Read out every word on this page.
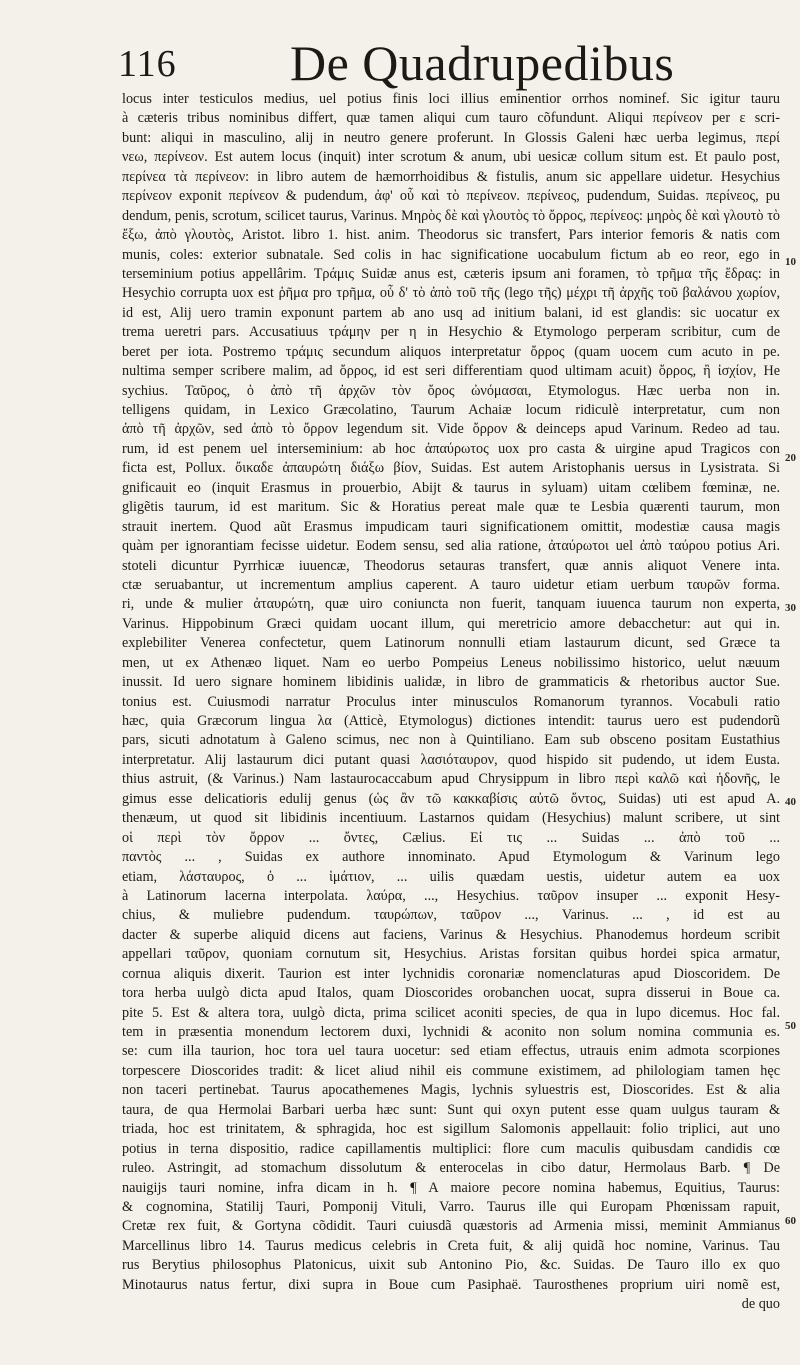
116 De Quadrupedibus
locus inter testiculos medius, uel potius finis loci illius eminentior orrhos nominef. Sic igitur tauru
à cæteris tribus nominibus differt, quæ tamen aliqui cum tauro cõfundunt. Aliqui περίνεον per ε scri-
bunt: aliqui in masculino, alij in neutro genere proferunt. In Glossis Galeni hæc uerba legimus, περί
νεω, περίνεον. Est autem locus (inquit) inter scrotum & anum, ubi uesicæ collum situm est. Et paulo post,
περίνεα τὰ περίνεον: in libro autem de hæmorrhoidibus & fistulis, anum sic appellare uidetur. Hesychius
περίνεον exponit περίνεον & pudendum, ἀφ' οὗ καὶ τὸ περίνεον. περίνεος, pudendum, Suidas. περίνεος, pu
dendum, penis, scrotum, scilicet taurus, Varinus. Μηρὸς δὲ καὶ γλουτὸς τὸ ὄρρος, περίνεος: μηρὸς δὲ καὶ γλουτὸ τὸ
ἔξω, ἀπὸ γλουτὸς, Aristot. libro 1. hist. anim. Theodorus sic transfert, Pars interior femoris & natis com
munis, coles: exterior subnatale. Sed colis in hac significatione uocabulum fictum ab eo reor, ego in
terseminium potius appellârim. Τράμις Suidæ anus est, cæteris ipsum ani foramen, τὸ τρῆμα τῆς ἕδρας: in
Hesychio corrupta uox est ῥῆμα pro τρῆμα, οὗ δ' τὸ ἀπὸ τοῦ τῆς (lego τῆς) μέχρι τῆ ἀρχῆς τοῦ βαλάνου χωρίον,
id est, Alij uero tramin exponunt partem ab ano usq ad initium balani, id est glandis: sic uocatur ex
trema ueretri pars. Accusatiuus τράμην per η in Hesychio & Etymologo perperam scribitur, cum de
beret per iota. Postremo τράμις secundum aliquos interpretatur ὄρρος (quam uocem cum acuto in pe.
nultima semper scribere malim, ad ὄρρος, id est seri differentiam quod ultimam acuit) ὄρρος, ἢ ἰσχίον, He
sychius. Ταῦρος, ὁ ἀπὸ τῆ ἀρχῶν τὸν ὄρος ὠνόμασαι, Etymologus. Hæc uerba non in.
telligens quidam, in Lexico Græcolatino, Taurum Achaiæ locum ridiculè interpretatur, cum non
ἀπὸ τῆ ἀρχῶν, sed ἀπὸ τὸ ὄρρον legendum sit. Vide ὄρρον & deinceps apud Varinum. Redeo ad tau.
rum, id est penem uel interseminium: ab hoc ἀπαύρωτος uox pro casta & uirgine apud Tragicos con
ficta est, Pollux. ὄικαδε ἀπαυρώτη διάξω βίον, Suidas. Est autem Aristophanis uersus in Lysistrata. Si
gnificauit eo (inquit Erasmus in prouerbio, Abijt & taurus in syluam) uitam cœlibem fœminæ, ne.
gligẽtis taurum, id est maritum. Sic & Horatius pereat male quæ te Lesbia quærenti taurum, mon
strauit inertem. Quod aũt Erasmus impudicam tauri significationem omittit, modestiæ causa magis
quàm per ignorantiam fecisse uidetur. Eodem sensu, sed alia ratione, ἀταύρωτοι uel ἀπὸ ταύρου potius Ari.
stoteli dicuntur Pyrrhicæ iuuencæ, Theodorus setauras transfert, quæ annis aliquot Venere inta.
ctæ seruabantur, ut incrementum amplius caperent. A tauro uidetur etiam uerbum ταυρῶν forma.
ri, unde & mulier ἀταυρώτη, quæ uiro coniuncta non fuerit, tanquam iuuenca taurum non experta,
Varinus. Hippobinum Græci quidam uocant illum, qui meretricio amore debacchetur: aut qui in.
explebiliter Venerea confectetur, quem Latinorum nonnulli etiam lastaurum dicunt, sed Græce ta
men, ut ex Athenæo liquet. Nam eo uerbo Pompeius Leneus nobilissimo historico, uelut næuum
inussit. Id uero signare hominem libidinis ualidæ, in libro de grammaticis & rhetoribus auctor Sue.
tonius est. Cuiusmodi narratur Proculus inter minusculos Romanorum tyrannos. Vocabuli ratio
hæc, quia Græcorum lingua λα (Atticè, Etymologus) dictiones intendit: taurus uero est pudendorũ
pars, sicuti adnotatum à Galeno scimus, nec non à Quintiliano. Eam sub obsceno positam Eustathius
interpretatur. Alij lastaurum dici putant quasi λασιόταυρον, quod hispido sit pudendo, ut idem Eusta.
thius astruit, (& Varinus.) Nam lastaurocaccabum apud Chrysippum in libro περὶ καλῶ καὶ ἡδονῆς, le
gimus esse delicatioris edulij genus (ὡς ἂν τῶ κακκαβίσις αὐτῶ ὄντος, Suidas) uti est apud A.
thenæum, ut quod sit libidinis incentiuum. Lastarnos quidam (Hesychius) malunt scribere, ut sint
οἱ περὶ τὸν ὄρρον ... ὄντες, Cælius. Εἰ τις ... Suidas ... ἀπὸ τοῦ ...
παντὸς ... , Suidas ex authore innominato. Apud Etymologum & Varinum lego
etiam, λάσταυρος, ὁ ... ἱμάτιον, ... uilis quædam uestis, uidetur autem ea uox
à Latinorum lacerna interpolata. λαύρα, ..., Hesychius. ταῦρον insuper ... exponit Hesy-
chius, & muliebre pudendum. ταυρώπων, ταῦρον ..., Varinus. ... , id est au
dacter & superbe aliquid dicens aut faciens, Varinus & Hesychius. Phanodemus hordeum scribit
appellari ταῦρον, quoniam cornutum sit, Hesychius. Aristas forsitan quibus hordei spica armatur,
cornua aliquis dixerit. Taurion est inter lychnidis coronariæ nomenclaturas apud Dioscoridem. De
tora herba uulgò dicta apud Italos, quam Dioscorides orobanchen uocat, supra disserui in Boue ca.
pite 5. Est & altera tora, uulgò dicta, prima scilicet aconiti species, de qua in lupo dicemus. Hoc fal.
tem in præsentia monendum lectorem duxi, lychnidi & aconito non solum nomina communia es.
se: cum illa taurion, hoc tora uel taura uocetur: sed etiam effectus, utrauis enim admota scorpiones
torpescere Dioscorides tradit: & licet aliud nihil eis commune existimem, ad philologiam tamen hęc
non taceri pertinebat. Taurus apocathemenes Magis, lychnis syluestris est, Dioscorides. Est & alia
taura, de qua Hermolai Barbari uerba hæc sunt: Sunt qui oxyn putent esse quam uulgus tauram &
triada, hoc est trinitatem, & sphragida, hoc est sigillum Salomonis appellauit: folio triplici, aut uno
potius in terna dispositio, radice capillamentis multiplici: flore cum maculis quibusdam candidis cœ
ruleo. Astringit, ad stomachum dissolutum & enterocelas in cibo datur, Hermolaus Barb. ¶ De
nauigijs tauri nomine, infra dicam in h. ¶ A maiore pecore nomina habemus, Equitius, Taurus:
& cognomina, Statilij Tauri, Pomponij Vituli, Varro. Taurus ille qui Europam Phœnissam rapuit,
Cretæ rex fuit, & Gortyna cõdidit. Tauri cuiusdã quæstoris ad Armenia missi, meminit Ammianus
Marcellinus libro 14. Taurus medicus celebris in Creta fuit, & alij quidã hoc nomine, Varinus. Tau
rus Berytius philosophus Platonicus, uixit sub Antonino Pio, &c. Suidas. De Tauro illo ex quo
Minotaurus natus fertur, dixi supra in Boue cum Pasiphaë. Taurosthenes proprium uiri nomẽ est,
de quo
10
20
30
40
50
60
